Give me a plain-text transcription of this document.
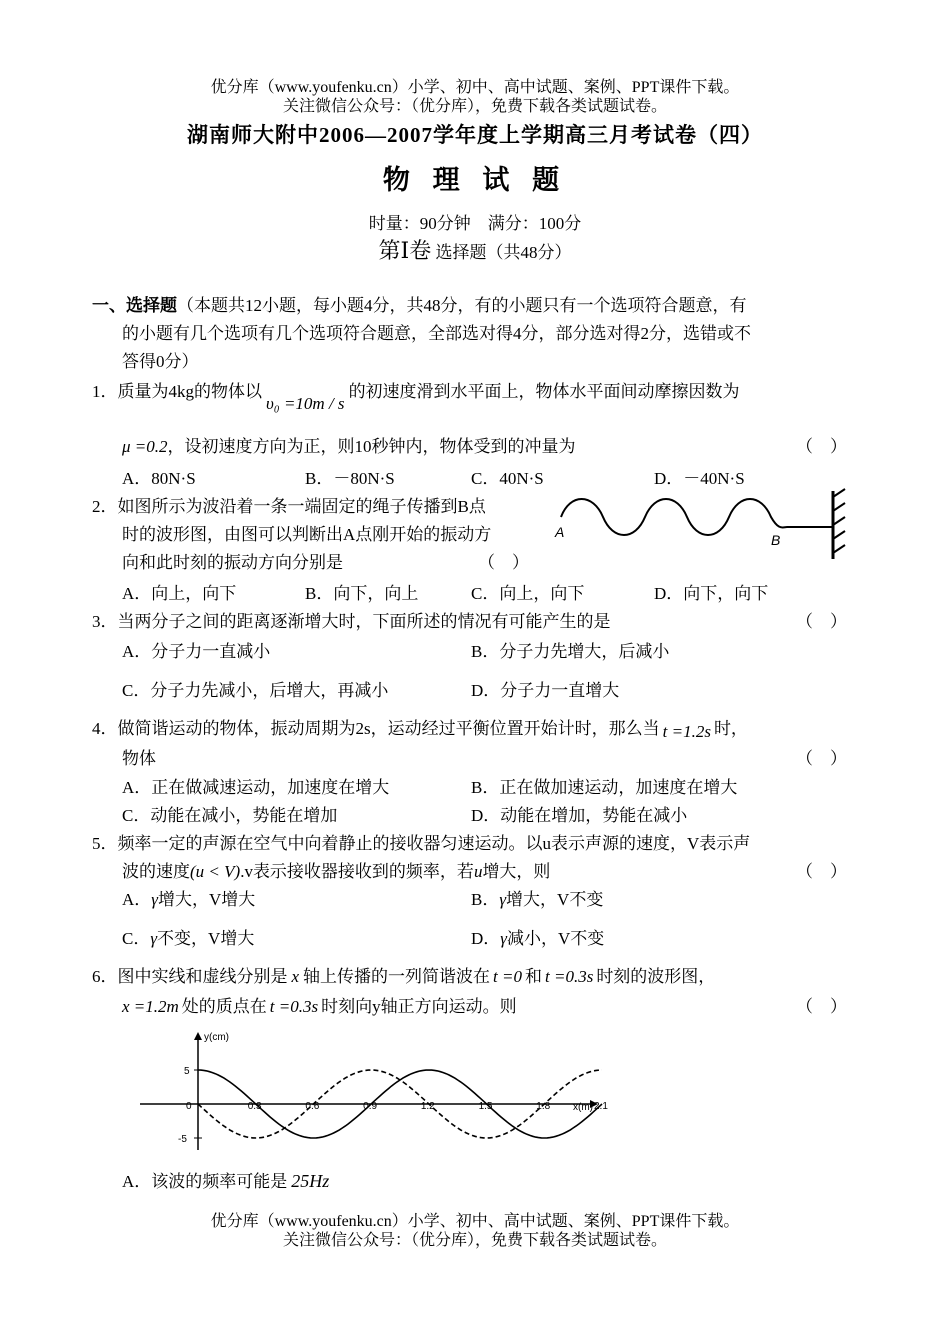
优分库（www.youfenku.cn）小学、初中、高中试题、案例、PPT课件下载。
关注微信公众号：（优分库），免费下载各类试题试卷。
湖南师大附中2006—2007学年度上学期高三月考试卷（四）
物 理 试 题
时量：90分钟　满分：100分
第Ⅰ卷 选择题（共48分）
一、选择题（本题共12小题，每小题4分，共48分，有的小题只有一个选项符合题意，有
的小题有几个选项有几个选项符合题意，全部选对得4分，部分选对得2分，选错或不
答得0分）
1．质量为4kg的物体以υ₀ =10m / s的初速度滑到水平面上，物体水平面间动摩擦因数为
μ =0.2，设初速度方向为正，则10秒钟内，物体受到的冲量为	（　）
A．80N·S	B．－80N·S	C．40N·S	D．－40N·S
2．如图所示为波沿着一条一端固定的绳子传播到B点
时的波形图，由图可以判断出A点刚开始的振动方
向和此时刻的振动方向分别是	（　）
A	B
A．向上，向下	B．向下，向上	C．向上，向下	D．向下，向下
3．当两分子之间的距离逐渐增大时，下面所述的情况有可能产生的是	（　）
A．分子力一直减小	B．分子力先增大，后减小
C．分子力先减小，后增大，再减小	D．分子力一直增大
4．做简谐运动的物体，振动周期为2s，运动经过平衡位置开始计时，那么当 t =1.2s 时，
物体	（　）
A．正在做减速运动，加速度在增大	B．正在做加速运动，加速度在增大
C．动能在减小，势能在增加	D．动能在增加，势能在减小
5．频率一定的声源在空气中向着静止的接收器匀速运动。以u表示声源的速度，V表示声
波的速度(u < V).v表示接收器接收到的频率，若u增大，则	（　）
A．γ增大，V增大	B．γ增大，V不变
C．γ不变，V增大	D．γ减小，V不变
6．图中实线和虚线分别是 x 轴上传播的一列简谐波在 t =0 和 t =0.3s 时刻的波形图，
x =1.2m 处的质点在 t =0.3s 时刻向y轴正方向运动。则	（　）
0	0.3	0.6	0.9	1.2	1.5	1.8	2.1
5
-5
y(cm)
x(m)
A．该波的频率可能是 25Hz
优分库（www.youfenku.cn）小学、初中、高中试题、案例、PPT课件下载。
关注微信公众号：（优分库），免费下载各类试题试卷。
